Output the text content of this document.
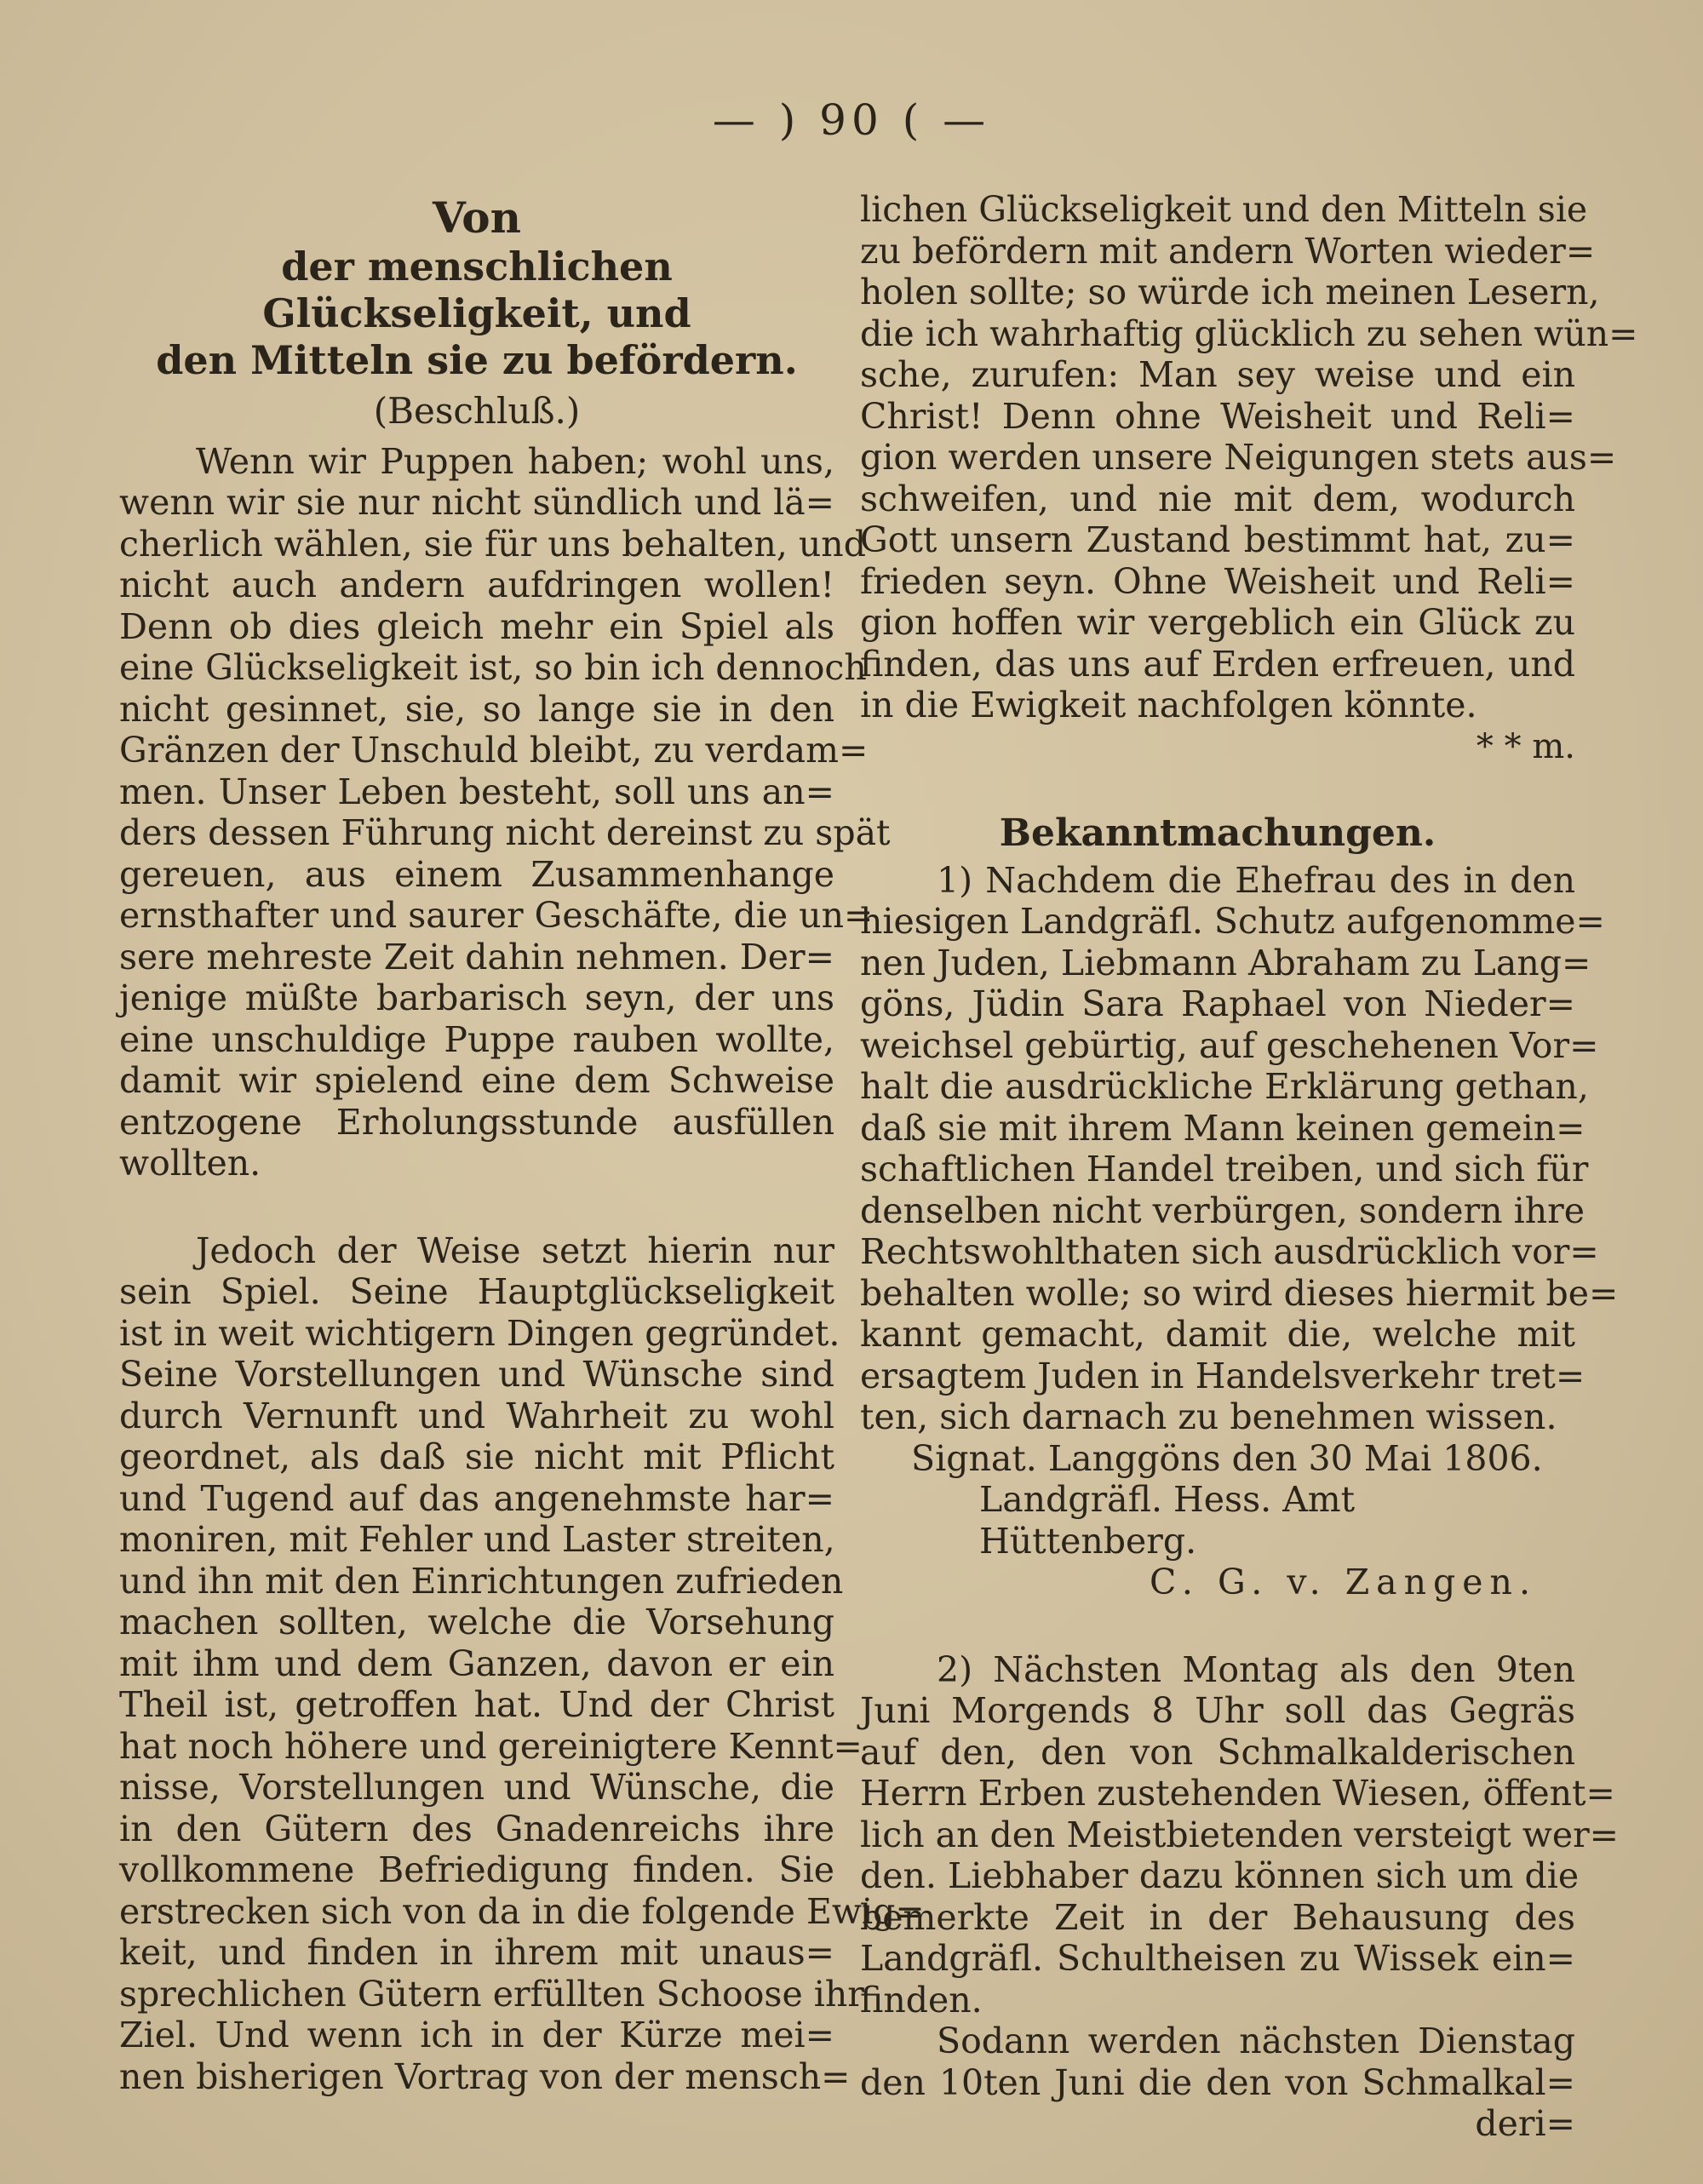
— ) 90 ( —
Von
der menschlichen Glückseligkeit, und
den Mitteln sie zu befördern.
(Beschluß.)
Wenn wir Puppen haben; wohl uns,
wenn wir sie nur nicht sündlich und lä=
cherlich wählen, sie für uns behalten, und
nicht auch andern aufdringen wollen!
Denn ob dies gleich mehr ein Spiel als
eine Glückseligkeit ist, so bin ich dennoch
nicht gesinnet, sie, so lange sie in den
Gränzen der Unschuld bleibt, zu verdam=
men. Unser Leben besteht, soll uns an=
ders dessen Führung nicht dereinst zu spät
gereuen, aus einem Zusammenhange
ernsthafter und saurer Geschäfte, die un=
sere mehreste Zeit dahin nehmen. Der=
jenige müßte barbarisch seyn, der uns
eine unschuldige Puppe rauben wollte,
damit wir spielend eine dem Schweise
entzogene Erholungsstunde ausfüllen
wollten.
Jedoch der Weise setzt hierin nur
sein Spiel. Seine Hauptglückseligkeit
ist in weit wichtigern Dingen gegründet.
Seine Vorstellungen und Wünsche sind
durch Vernunft und Wahrheit zu wohl
geordnet, als daß sie nicht mit Pflicht
und Tugend auf das angenehmste har=
moniren, mit Fehler und Laster streiten,
und ihn mit den Einrichtungen zufrieden
machen sollten, welche die Vorsehung
mit ihm und dem Ganzen, davon er ein
Theil ist, getroffen hat. Und der Christ
hat noch höhere und gereinigtere Kennt=
nisse, Vorstellungen und Wünsche, die
in den Gütern des Gnadenreichs ihre
vollkommene Befriedigung finden. Sie
erstrecken sich von da in die folgende Ewig=
keit, und finden in ihrem mit unaus=
sprechlichen Gütern erfüllten Schoose ihr
Ziel. Und wenn ich in der Kürze mei=
nen bisherigen Vortrag von der mensch=
lichen Glückseligkeit und den Mitteln sie
zu befördern mit andern Worten wieder=
holen sollte; so würde ich meinen Lesern,
die ich wahrhaftig glücklich zu sehen wün=
sche, zurufen: Man sey weise und ein
Christ! Denn ohne Weisheit und Reli=
gion werden unsere Neigungen stets aus=
schweifen, und nie mit dem, wodurch
Gott unsern Zustand bestimmt hat, zu=
frieden seyn. Ohne Weisheit und Reli=
gion hoffen wir vergeblich ein Glück zu
finden, das uns auf Erden erfreuen, und
in die Ewigkeit nachfolgen könnte.
* * m.
Bekanntmachungen.
1) Nachdem die Ehefrau des in den
hiesigen Landgräfl. Schutz aufgenomme=
nen Juden, Liebmann Abraham zu Lang=
göns, Jüdin Sara Raphael von Nieder=
weichsel gebürtig, auf geschehenen Vor=
halt die ausdrückliche Erklärung gethan,
daß sie mit ihrem Mann keinen gemein=
schaftlichen Handel treiben, und sich für
denselben nicht verbürgen, sondern ihre
Rechtswohlthaten sich ausdrücklich vor=
behalten wolle; so wird dieses hiermit be=
kannt gemacht, damit die, welche mit
ersagtem Juden in Handelsverkehr tret=
ten, sich darnach zu benehmen wissen.
Signat. Langgöns den 30 Mai 1806.
Landgräfl. Hess. Amt Hüttenberg.
C. G. v. Zangen.
2) Nächsten Montag als den 9ten
Juni Morgends 8 Uhr soll das Gegräs
auf den, den von Schmalkalderischen
Herrn Erben zustehenden Wiesen, öffent=
lich an den Meistbietenden versteigt wer=
den. Liebhaber dazu können sich um die
bemerkte Zeit in der Behausung des
Landgräfl. Schultheisen zu Wissek ein=
finden.
Sodann werden nächsten Dienstag
den 10ten Juni die den von Schmalkal=
deri=
